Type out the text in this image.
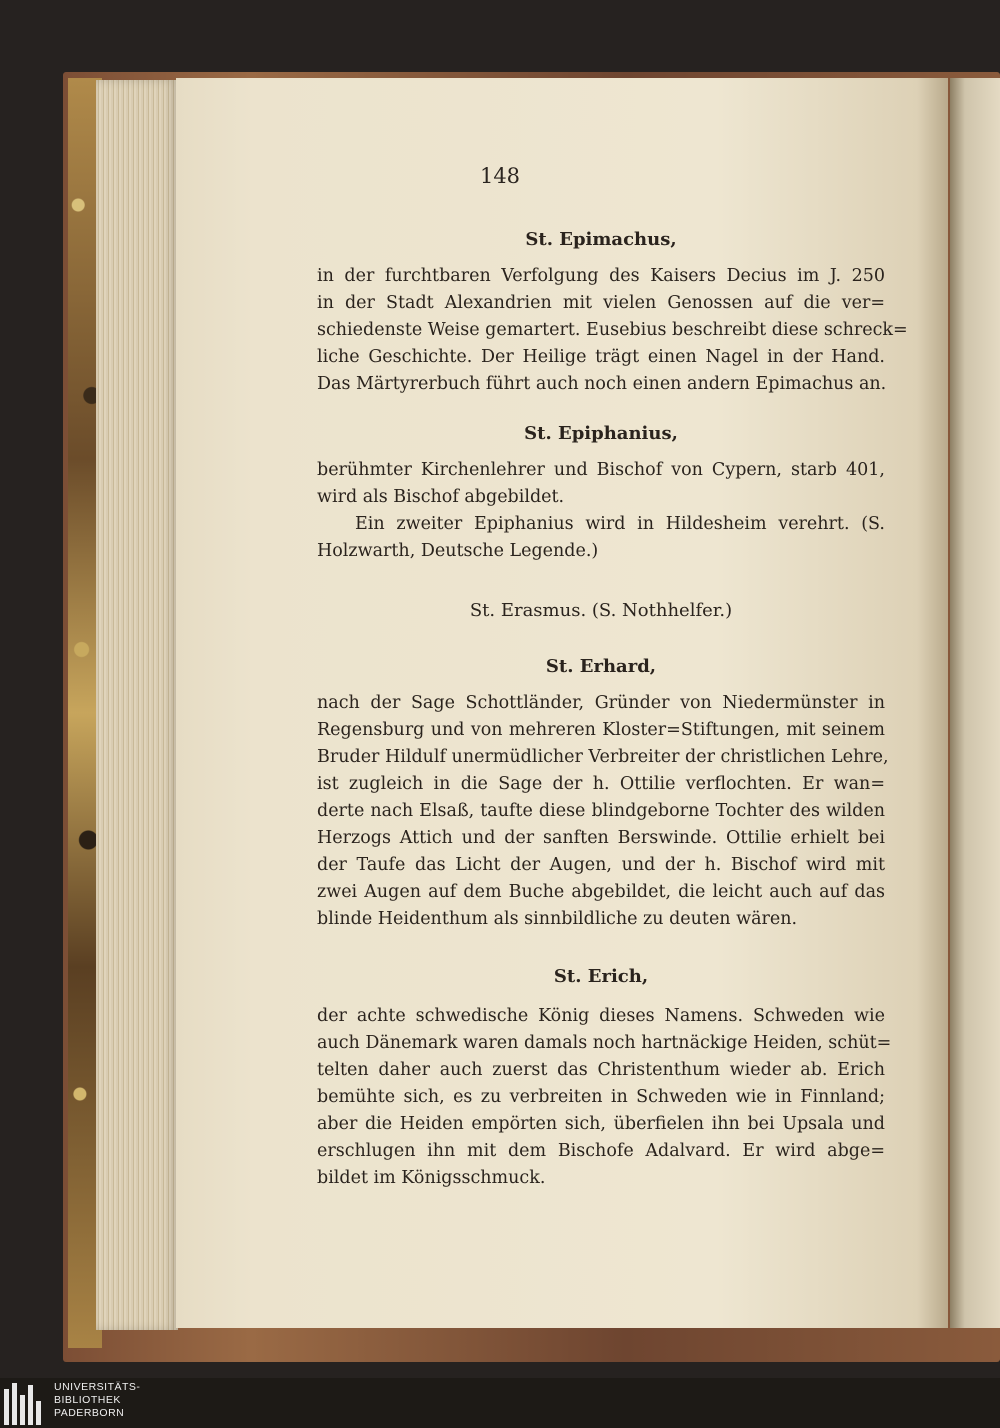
148
St. Epimachus,
in der furchtbaren Verfolgung des Kaisers Decius im J. 250
in der Stadt Alexandrien mit vielen Genossen auf die ver=
schiedenste Weise gemartert. Eusebius beschreibt diese schreck=
liche Geschichte. Der Heilige trägt einen Nagel in der Hand.
Das Märtyrerbuch führt auch noch einen andern Epimachus an.
St. Epiphanius,
berühmter Kirchenlehrer und Bischof von Cypern, starb 401,
wird als Bischof abgebildet.
Ein zweiter Epiphanius wird in Hildesheim verehrt. (S.
Holzwarth, Deutsche Legende.)
St. Erasmus. (S. Nothhelfer.)
St. Erhard,
nach der Sage Schottländer, Gründer von Niedermünster in
Regensburg und von mehreren Kloster=Stiftungen, mit seinem
Bruder Hildulf unermüdlicher Verbreiter der christlichen Lehre,
ist zugleich in die Sage der h. Ottilie verflochten. Er wan=
derte nach Elsaß, taufte diese blindgeborne Tochter des wilden
Herzogs Attich und der sanften Berswinde. Ottilie erhielt bei
der Taufe das Licht der Augen, und der h. Bischof wird mit
zwei Augen auf dem Buche abgebildet, die leicht auch auf das
blinde Heidenthum als sinnbildliche zu deuten wären.
St. Erich,
der achte schwedische König dieses Namens. Schweden wie
auch Dänemark waren damals noch hartnäckige Heiden, schüt=
telten daher auch zuerst das Christenthum wieder ab. Erich
bemühte sich, es zu verbreiten in Schweden wie in Finnland;
aber die Heiden empörten sich, überfielen ihn bei Upsala und
erschlugen ihn mit dem Bischofe Adalvard. Er wird abge=
bildet im Königsschmuck.
UNIVERSITÄTS-
BIBLIOTHEK
PADERBORN
